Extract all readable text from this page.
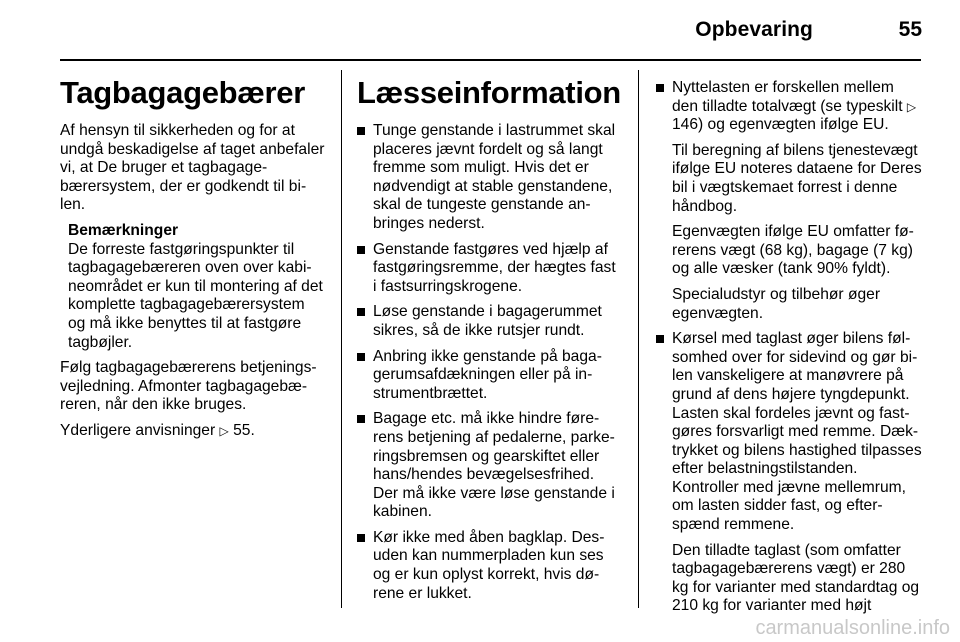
Opbevaring	55
Tagbagagebærer

Af hensyn til sikkerheden og for at undgå beskadigelse af taget anbefaler vi, at De bruger et tagbagagebærersystem, der er godkendt til bilen.

Bemærkninger
De forreste fastgøringspunkter til tagbagagebæreren oven over kabineområdet er kun til montering af det komplette tagbagagebærersystem og må ikke benyttes til at fastgøre tagbøjler.

Følg tagbagagebærerens betjeningsvejledning. Afmonter tagbagagebæreren, når den ikke bruges.

Yderligere anvisninger ▷ 55.

Læsseinformation
Tunge genstande i lastrummet skal placeres jævnt fordelt og så langt fremme som muligt. Hvis det er nødvendigt at stable genstandene, skal de tungeste genstande anbringes nederst.
Genstande fastgøres ved hjælp af fastgøringsremme, der hægtes fast i fastsurringskrogene.
Løse genstande i bagagerummet sikres, så de ikke rutsjer rundt.
Anbring ikke genstande på bagagerumsafdækningen eller på instrumentbrættet.
Bagage etc. må ikke hindre førerens betjening af pedalerne, parkeringsbremsen og gearskiftet eller hans/hendes bevægelsesfrihed. Der må ikke være løse genstande i kabinen.
Kør ikke med åben bagklap. Desuden kan nummerpladen kun ses og er kun oplyst korrekt, hvis dørene er lukket.
Nyttelasten er forskellen mellem den tilladte totalvægt (se typeskilt ▷ 146) og egenvægten ifølge EU.
Til beregning af bilens tjenestevægt ifølge EU noteres dataene for Deres bil i vægtskemaet forrest i denne håndbog.
Egenvægten ifølge EU omfatter førerens vægt (68 kg), bagage (7 kg) og alle væsker (tank 90% fyldt).
Specialudstyr og tilbehør øger egenvægten.
Kørsel med taglast øger bilens følsomhed over for sidevind og gør bilen vanskeligere at manøvrere på grund af dens højere tyngdepunkt. Lasten skal fordeles jævnt og fastgøres forsvarligt med remme. Dæktrykket og bilens hastighed tilpasses efter belastningstilstanden. Kontroller med jævne mellemrum, om lasten sidder fast, og efterspænd remmene.
Den tilladte taglast (som omfatter tagbagagebærerens vægt) er 280 kg for varianter med standardtag og 210 kg for varianter med højt
carmanualsonline.info
